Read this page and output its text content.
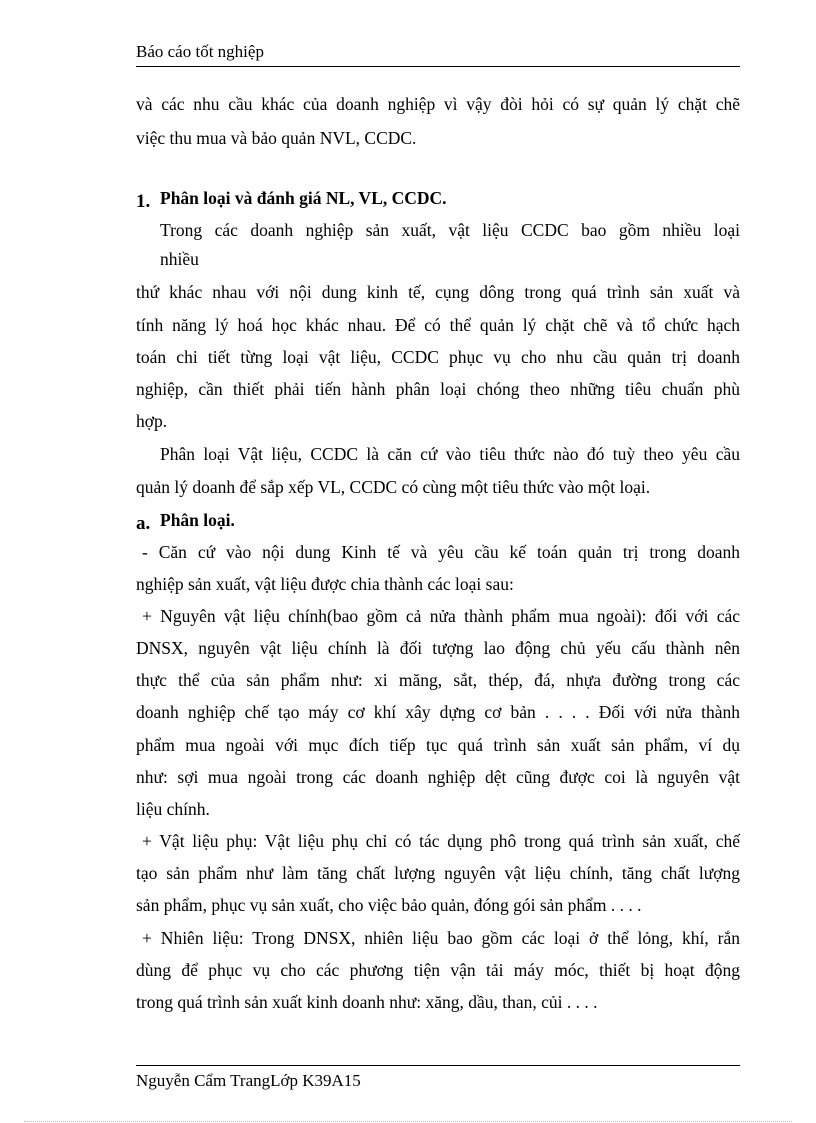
Báo cáo tốt nghiệp
và các nhu cầu khác của doanh nghiệp vì vậy đòi hỏi có sự quản lý chặt chẽ
việc thu mua và bảo quản NVL, CCDC.
1. Phân loại và đánh giá NL, VL, CCDC.
Trong các doanh nghiệp sản xuất, vật liệu CCDC bao gồm nhiều loại
nhiều
thứ khác nhau với nội dung kinh tế, cụng dông trong quá trình sản xuất và
tính năng lý hoá học khác nhau. Để có thể quản lý chặt chẽ và tổ chức hạch
toán chi tiết từng loại vật liệu, CCDC phục vụ cho nhu cầu quản trị doanh
nghiệp, cần thiết phải tiến hành phân loại chóng theo những tiêu chuẩn phù
hợp.
Phân loại Vật liệu, CCDC là căn cứ vào tiêu thức nào đó tuỳ theo yêu cầu
quản lý doanh để sắp xếp VL, CCDC có cùng một tiêu thức vào một loại.
a. Phân loại.
- Căn cứ vào nội dung Kinh tế và yêu cầu kế toán quản trị trong doanh
nghiệp sản xuất, vật liệu được chia thành các loại sau:
+ Nguyên vật liệu chính(bao gồm cả nửa thành phẩm mua ngoài): đối với các
DNSX, nguyên vật liệu chính là đối tượng lao động chủ yếu cấu thành nên
thực thể của sản phẩm như: xi măng, sắt, thép, đá, nhựa đường trong các
doanh nghiệp chế tạo máy cơ khí xây dựng cơ bản . . . . Đối với nửa thành
phẩm mua ngoài với mục đích tiếp tục quá trình sản xuất sản phẩm, ví dụ
như: sợi mua ngoài trong các doanh nghiệp dệt cũng được coi là nguyên vật
liệu chính.
+ Vật liệu phụ: Vật liệu phụ chỉ có tác dụng phô trong quá trình sản xuất, chế
tạo sản phẩm như làm tăng chất lượng nguyên vật liệu chính, tăng chất lượng
sản phẩm, phục vụ sản xuất, cho việc bảo quản, đóng gói sản phẩm . . . .
+ Nhiên liệu: Trong DNSX, nhiên liệu bao gồm các loại ở thể lỏng, khí, rắn
dùng để phục vụ cho các phương tiện vận tải máy móc, thiết bị hoạt động
trong quá trình sản xuất kinh doanh như: xăng, dầu, than, củi . . . .
Nguyễn Cẩm TrangLớp K39A15
